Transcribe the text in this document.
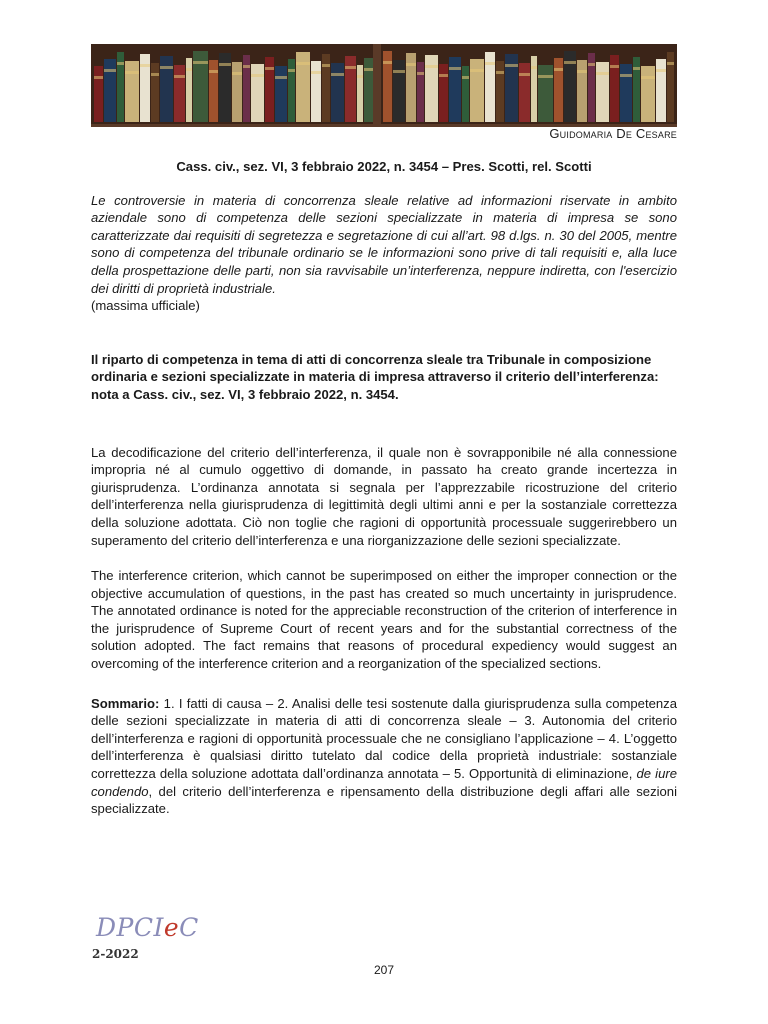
Guidomaria De Cesare

Cass. civ., sez. VI, 3 febbraio 2022, n. 3454 – Pres. Scotti, rel. Scotti

Le controversie in materia di concorrenza sleale relative ad informazioni riservate in ambito aziendale sono di competenza delle sezioni specializzate in materia di impresa se sono caratterizzate dai requisiti di segretezza e segretazione di cui all’art. 98 d.lgs. n. 30 del 2005, mentre sono di competenza del tribunale ordinario se le informazioni sono prive di tali requisiti e, alla luce della prospettazione delle parti, non sia ravvisabile un’interferenza, neppure indiretta, con l'esercizio dei diritti di proprietà industriale.

(massima ufficiale)

Il riparto di competenza in tema di atti di concorrenza sleale tra Tribunale in composizione ordinaria e sezioni specializzate in materia di impresa attraverso il criterio dell’interferenza: nota a Cass. civ., sez. VI, 3 febbraio 2022, n. 3454.

La decodificazione del criterio dell’interferenza, il quale non è sovrapponibile né alla connessione impropria né al cumulo oggettivo di domande, in passato ha creato grande incertezza in giurisprudenza. L’ordinanza annotata si segnala per l’apprezzabile ricostruzione del criterio dell’interferenza nella giurisprudenza di legittimità degli ultimi anni e per la sostanziale correttezza della soluzione adottata. Ciò non toglie che ragioni di opportunità processuale suggerirebbero un superamento del criterio dell’interferenza e una riorganizzazione delle sezioni specializzate.

The interference criterion, which cannot be superimposed on either the improper connection or the objective accumulation of questions, in the past has created so much uncertainty in jurisprudence. The annotated ordinance is noted for the appreciable reconstruction of the criterion of interference in the jurisprudence of Supreme Court of recent years and for the substantial correctness of the solution adopted. The fact remains that reasons of procedural expediency would suggest an overcoming of the interference criterion and a reorganization of the specialized sections.

Sommario: 1. I fatti di causa – 2. Analisi delle tesi sostenute dalla giurisprudenza sulla competenza delle sezioni specializzate in materia di atti di concorrenza sleale – 3. Autonomia del criterio dell’interferenza e ragioni di opportunità processuale che ne consigliano l’applicazione – 4. L’oggetto dell’interferenza è qualsiasi diritto tutelato dal codice della proprietà industriale: sostanziale correttezza della soluzione adottata dall’ordinanza annotata – 5. Opportunità di eliminazione, de iure condendo, del criterio dell’interferenza e ripensamento della distribuzione degli affari alle sezioni specializzate.

DPCIeC
2-2022
207
